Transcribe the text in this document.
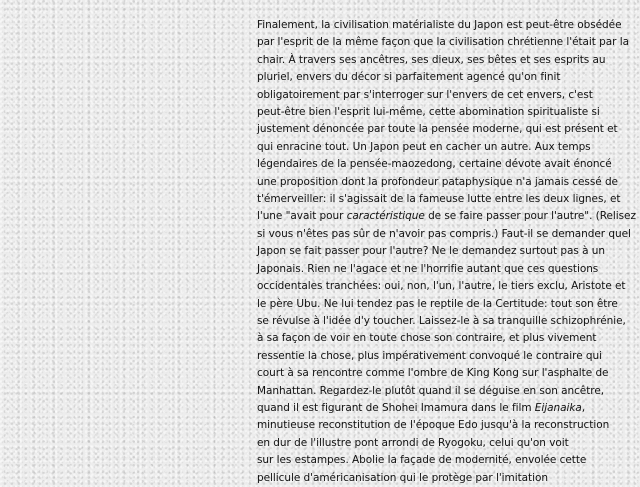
Finalement, la civilisation matérialiste du Japon est peut-être obsédée
par l'esprit de la même façon que la civilisation chrétienne l'était par la
chair. À travers ses ancêtres, ses dieux, ses bêtes et ses esprits au
pluriel, envers du décor si parfaitement agencé qu'on finit
obligatoirement par s'interroger sur l'envers de cet envers, c'est
peut-être bien l'esprit lui-même, cette abomination spiritualiste si
justement dénoncée par toute la pensée moderne, qui est présent et
qui enracine tout. Un Japon peut en cacher un autre. Aux temps
légendaires de la pensée-maozedong, certaine dévote avait énoncé
une proposition dont la profondeur pataphysique n'a jamais cessé de
t'émerveiller: il s'agissait de la fameuse lutte entre les deux lignes, et
l'une "avait pour caractéristique de se faire passer pour l'autre". (Relisez
si vous n'êtes pas sûr de n'avoir pas compris.) Faut-il se demander quel
Japon se fait passer pour l'autre? Ne le demandez surtout pas à un
Japonais. Rien ne l'agace et ne l'horrifie autant que ces questions
occidentales tranchées: oui, non, l'un, l'autre, le tiers exclu, Aristote et
le père Ubu. Ne lui tendez pas le reptile de la Certitude: tout son être
se révulse à l'idée d'y toucher. Laissez-le à sa tranquille schizophrénie,
à sa façon de voir en toute chose son contraire, et plus vivement
ressentie la chose, plus impérativement convoqué le contraire qui
court à sa rencontre comme l'ombre de King Kong sur l'asphalte de
Manhattan. Regardez-le plutôt quand il se déguise en son ancêtre,
quand il est figurant de Shohei Imamura dans le film Eijanaika,
minutieuse reconstitution de l'époque Edo jusqu'à la reconstruction
en dur de l'illustre pont arrondi de Ryogoku, celui qu'on voit
sur les estampes. Abolie la façade de modernité, envolée cette
pellicule d'américanisation qui le protège par l'imitation
